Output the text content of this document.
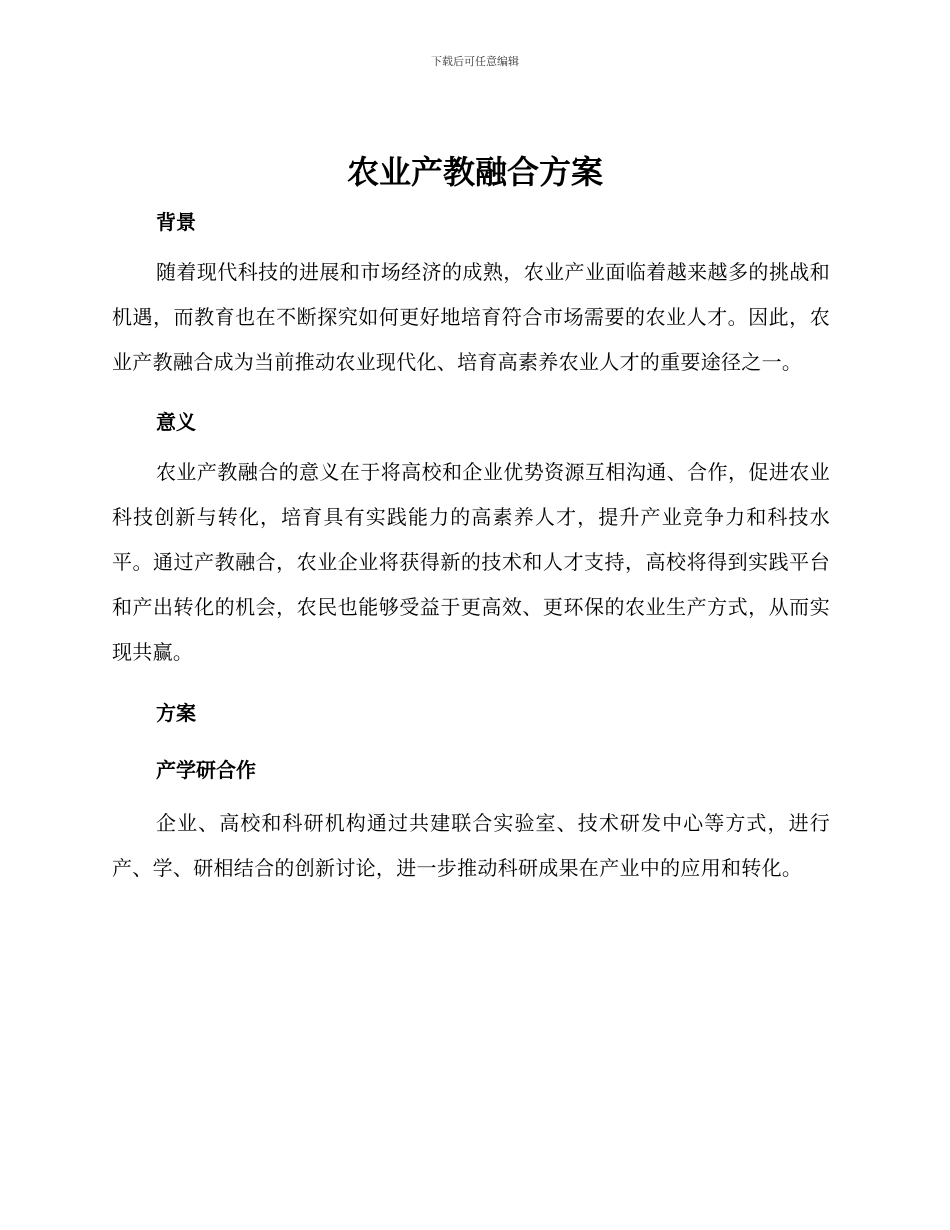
下载后可任意编辑
农业产教融合方案
背景

随着现代科技的进展和市场经济的成熟，农业产业面临着越来越多的挑战和机遇，而教育也在不断探究如何更好地培育符合市场需要的农业人才。因此，农业产教融合成为当前推动农业现代化、培育高素养农业人才的重要途径之一。

意义

农业产教融合的意义在于将高校和企业优势资源互相沟通、合作，促进农业科技创新与转化，培育具有实践能力的高素养人才，提升产业竞争力和科技水平。通过产教融合，农业企业将获得新的技术和人才支持，高校将得到实践平台和产出转化的机会，农民也能够受益于更高效、更环保的农业生产方式，从而实现共赢。

方案
产学研合作

企业、高校和科研机构通过共建联合实验室、技术研发中心等方式，进行产、学、研相结合的创新讨论，进一步推动科研成果在产业中的应用和转化。
